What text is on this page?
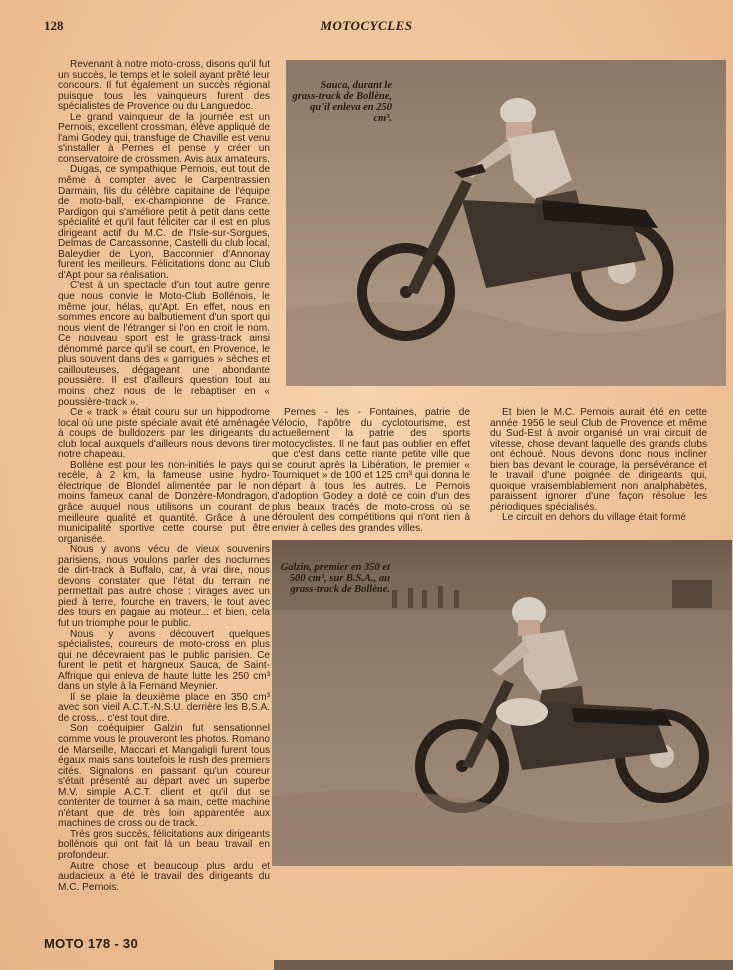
128	MOTOCYCLES

Revenant à notre moto-cross, disons qu'il fut un succès, le temps et le soleil ayant prêté leur concours. Il fut également un succès régional puisque tous les vainqueurs furent des spécialistes de Provence ou du Languedoc.

Le grand vainqueur de la journée est un Pernois, excellent crossman, élève appliqué de l'ami Godey qui, transfuge de Chaville est venu s'installer à Pernes et pense y créer un conservatoire de crossmen. Avis aux amateurs.

Dugas, ce sympathique Pernois, eut tout de même à compter avec le Carpentrassien Darmain, fils du célèbre capitaine de l'équipe de moto-ball, ex-championne de France. Pardigon qui s'améliore petit à petit dans cette spécialité et qu'il faut féliciter car il est en plus dirigeant actif du M.C. de l'Isle-sur-Sorgues, Delmas de Carcassonne, Castelli du club local, Baleydier de Lyon, Bacconnier d'Annonay furent les meilleurs. Félicitations donc au Club d'Apt pour sa réalisation.

C'est à un spectacle d'un tout autre genre que nous convie le Moto-Club Bollénois, le même jour, hélas, qu'Apt. En effet, nous en sommes encore au balbutiement d'un sport qui nous vient de l'étranger si l'on en croit le nom. Ce nouveau sport est le grass-track ainsi dénommé parce qu'il se court, en Provence, le plus souvent dans des « garrigues » sèches et caillouteuses, dégageant une abondante poussière. Il est d'ailleurs question tout au moins chez nous de le rebaptiser en « poussière-track ».

Ce « track » était couru sur un hippodrome local où une piste spéciale avait été aménagée à coups de bulldozers par les dirigeants du club local auxquels d'ailleurs nous devons tirer notre chapeau.

Bollène est pour les non-initiés le pays qui recèle, à 2 km, la fameuse usine hydro-électrique de Blondel alimentée par le non moins fameux canal de Donzère-Mondragon, grâce auquel nous utilisons un courant de meilleure qualité et quantité. Grâce à une municipalité sportive cette course put être organisée.

Nous y avons vécu de vieux souvenirs parisiens, nous voulons parler des nocturnes de dirt-track à Buffalo, car, à vrai dire, nous devons constater que l'état du terrain ne permettait pas autre chose : virages avec un pied à terre, fourche en travers, le tout avec des tours en pagaie au moteur... et bien, cela fut un triomphe pour le public.

Nous y avons découvert quelques spécialistes, coureurs de moto-cross en plus qui ne décevraient pas le public parisien. Ce furent le petit et hargneux Sauca, de Saint-Affrique qui enleva de haute lutte les 250 cm³ dans un style à la Fernand Meynier.

Il se plaie la deuxième place en 350 cm³ avec son vieil A.C.T.-N.S.U. derrière les B.S.A. de cross... c'est tout dire.

Son coéquipier Galzin fut sensationnel comme vous le prouveront les photos. Romano de Marseille, Maccari et Mangaligli furent tous égaux mais sans toutefois le rush des premiers cités. Signalons en passant qu'un coureur s'était présenté au départ avec un superbe M.V. simple A.C.T. client et qu'il dut se contenter de tourner à sa main, cette machine n'étant que de très loin apparentée aux machines de cross ou de track.

Très gros succès, félicitations aux dirigeants bollénois qui ont fait là un beau travail en profondeur.

Autre chose et beaucoup plus ardu et audacieux a été le travail des dirigeants du M.C. Pernois.

Sauca, durant le grass-track de Bollène, qu'il enleva en 250 cm³.

Pernes - les - Fontaines, patrie de Vélocio, l'apôtre du cyclotourisme, est actuellement la patrie des sports motocyclistes. Il ne faut pas oublier en effet que c'est dans cette riante petite ville que se courut après la Libération, le premier « Tourniquet » de 100 et 125 cm³ qui donna le départ à tous les autres. Le Pernois d'adoption Godey a doté ce coin d'un des plus beaux tracés de moto-cross où se déroulent des compétitions qui n'ont rien à envier à celles des grandes villes.

Et bien le M.C. Pernois aurait été en cette année 1956 le seul Club de Provence et même du Sud-Est à avoir organisé un vrai circuit de vitesse, chose devant laquelle des grands clubs ont échoué. Nous devons donc nous incliner bien bas devant le courage, la persévérance et le travail d'une poignée de dirigeants qui, quoique vraisemblablement non analphabètes, paraissent ignorer d'une façon résolue les périodiques spécialisés.

Le circuit en dehors du village était formé

Galzin, premier en 350 et 500 cm³, sur B.S.A., au grass-track de Bollène.
MOTO 178 - 30
